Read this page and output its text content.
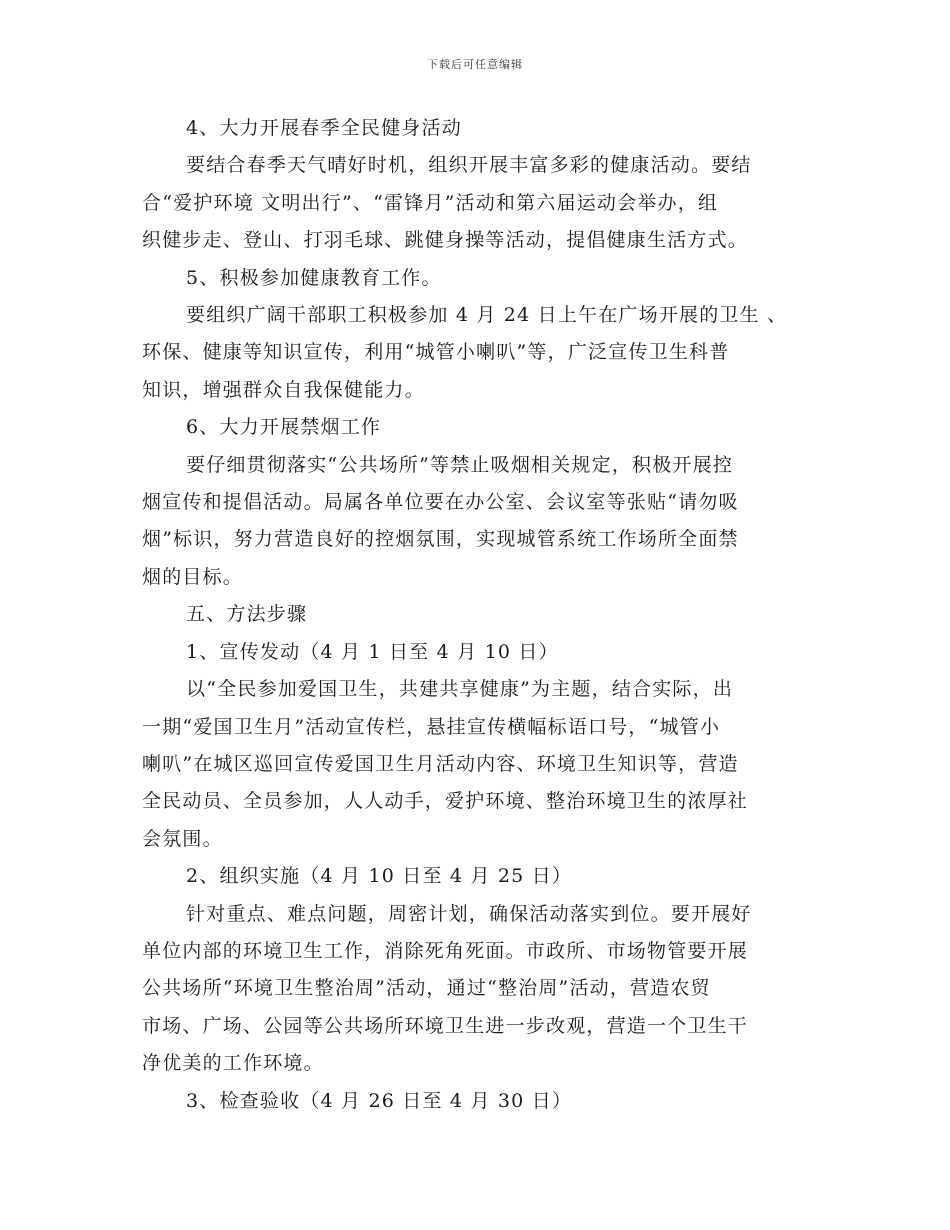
下载后可任意编辑
4、大力开展春季全民健身活动
要结合春季天气晴好时机，组织开展丰富多彩的健康活动。要结
合“爱护环境 文明出行”、“雷锋月”活动和第六届运动会举办，组
织健步走、登山、打羽毛球、跳健身操等活动，提倡健康生活方式。
5、积极参加健康教育工作。
要组织广阔干部职工积极参加 4 月 24 日上午在广场开展的卫生 、
环保、健康等知识宣传，利用“城管小喇叭”等，广泛宣传卫生科普
知识，增强群众自我保健能力。
6、大力开展禁烟工作
要仔细贯彻落实“公共场所”等禁止吸烟相关规定，积极开展控
烟宣传和提倡活动。局属各单位要在办公室、会议室等张贴“请勿吸
烟”标识，努力营造良好的控烟氛围，实现城管系统工作场所全面禁
烟的目标。
五、方法步骤
1、宣传发动（4 月 1 日至 4 月 10 日）
以“全民参加爱国卫生，共建共享健康”为主题，结合实际，出
一期“爱国卫生月”活动宣传栏，悬挂宣传横幅标语口号，“城管小
喇叭”在城区巡回宣传爱国卫生月活动内容、环境卫生知识等，营造
全民动员、全员参加，人人动手，爱护环境、整治环境卫生的浓厚社
会氛围。
2、组织实施（4 月 10 日至 4 月 25 日）
针对重点、难点问题，周密计划，确保活动落实到位。要开展好
单位内部的环境卫生工作，消除死角死面。市政所、市场物管要开展
公共场所“环境卫生整治周”活动，通过“整治周”活动，营造农贸
市场、广场、公园等公共场所环境卫生进一步改观，营造一个卫生干
净优美的工作环境。
3、检查验收（4 月 26 日至 4 月 30 日）
